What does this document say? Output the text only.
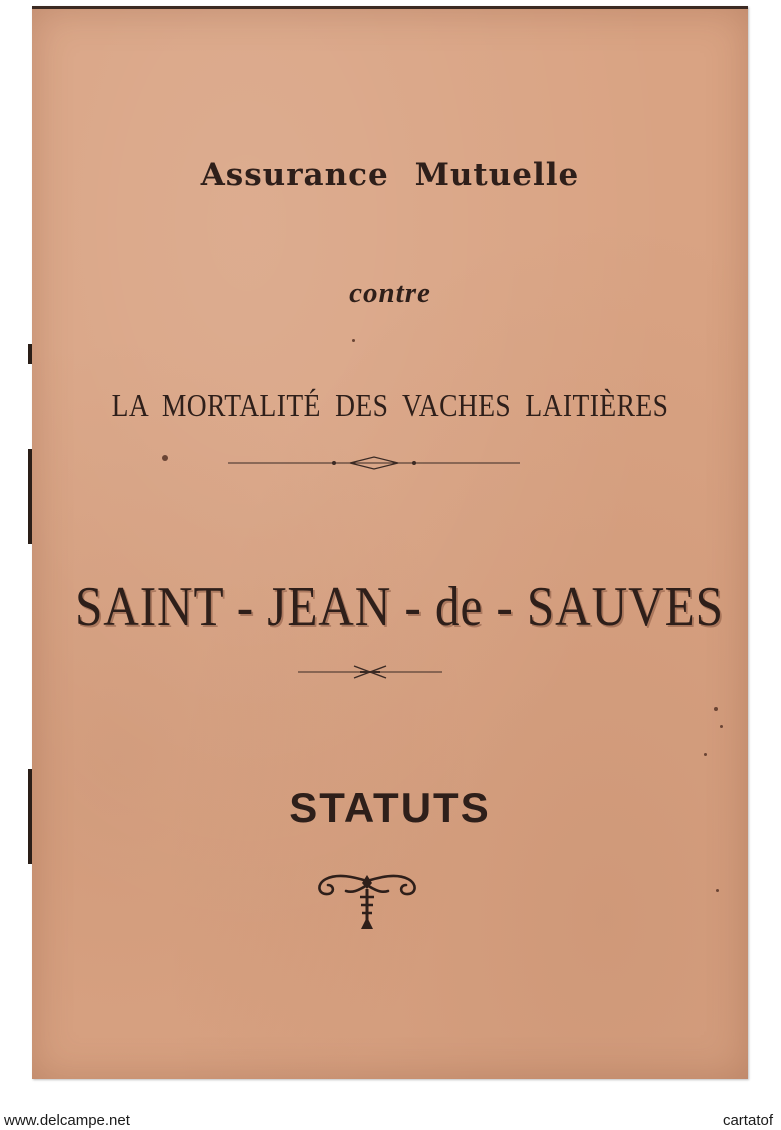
Assurance Mutuelle
contre
LA MORTALITÉ DES VACHES LAITIÈRES
SAINT - JEAN - de - SAUVES
STATUTS
www.delcampe.net	cartatof
